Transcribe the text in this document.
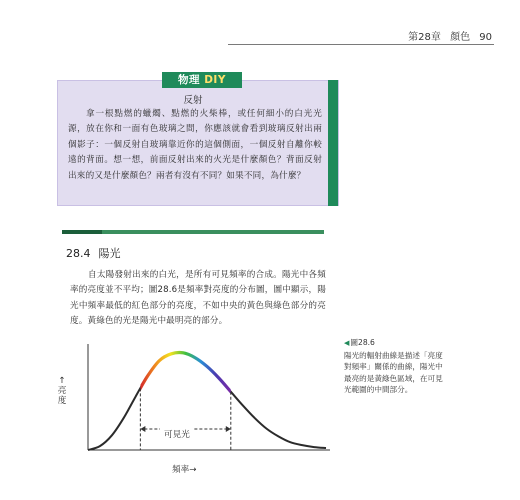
第28章 顏色 90
物理 DIY
反射
拿一根點燃的蠟燭、點燃的火柴棒，或任何細小的白光光源，放在你和一面有色玻璃之間，你應該就會看到玻璃反射出兩個影子：一個反射自玻璃靠近你的這個側面，一個反射自離你較遠的背面。想一想，前面反射出來的火光是什麼顏色？背面反射出來的又是什麼顏色？兩者有沒有不同？如果不同，為什麼？
28.4 陽光
自太陽發射出來的白光，是所有可見頻率的合成。陽光中各頻率的亮度並不平均；圖28.6是頻率對亮度的分布圖，圖中顯示，陽光中頻率最低的紅色部分的亮度，不如中央的黃色與綠色部分的亮度。黃綠色的光是陽光中最明亮的部分。
◀ 圖28.6
陽光的輻射曲線是描述「亮度對頻率」關係的曲線，陽光中最亮的是黃綠色區域，在可見光範圍的中間部分。
↑亮度
頻率→
可見光
